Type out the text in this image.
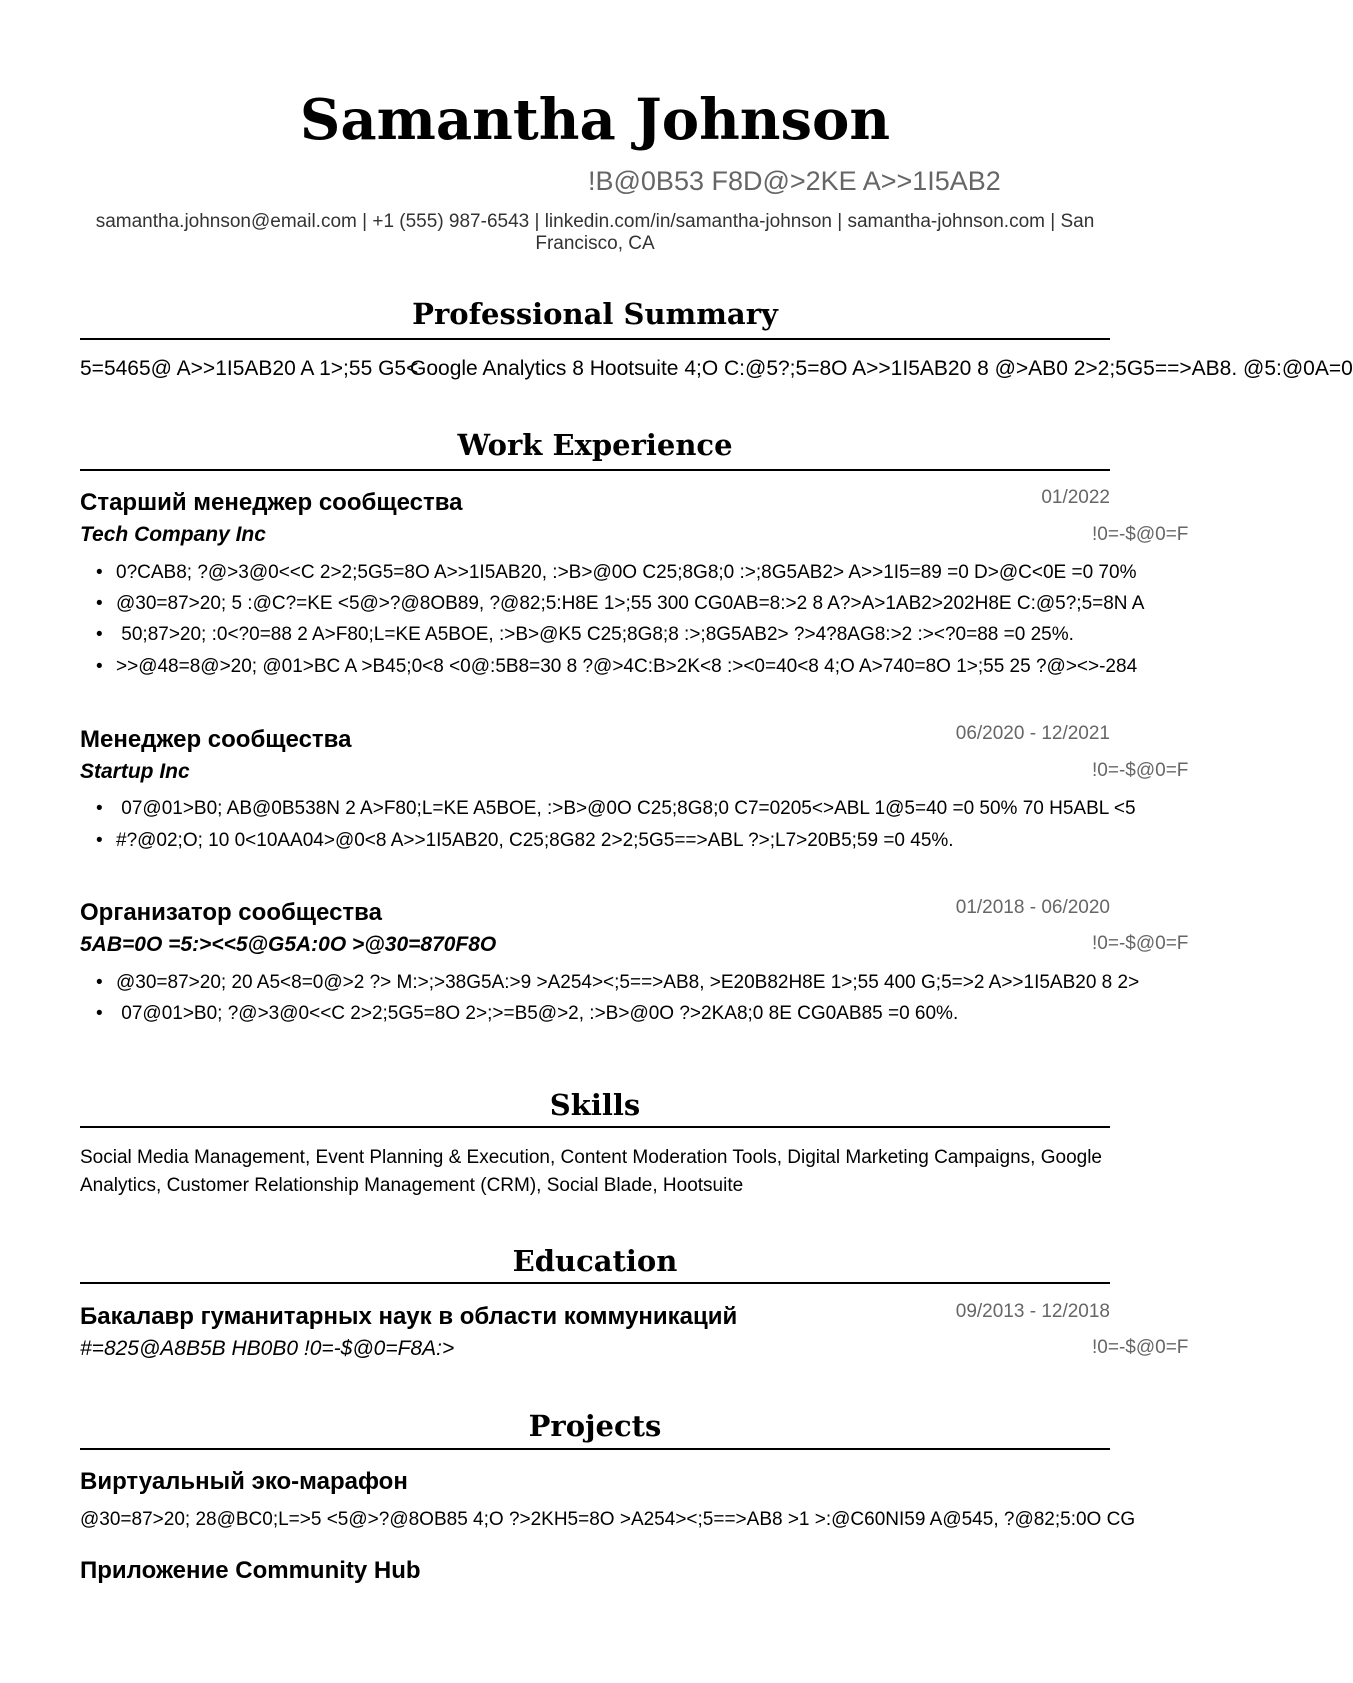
Samantha Johnson
!B@0B53 F8D@>2KE A>>1I5AB2
samantha.johnson@email.com | +1 (555) 987-6543 | linkedin.com/in/samantha-johnson | samantha-johnson.com | San Francisco, CA
Professional Summary
5=5465@ A>>1I5AB20 A 1>;55 G5<
Google Analytics 8 Hootsuite 4;O C:@5?;5=8O A>>1I5AB20 8 @>AB0 2>2;5G5==>AB8. @5:@0A=0
Work Experience
Старший менеджер сообщества	01/2022
Tech Company Inc	!0=-$@0=F
• 0?CAB8; ?@>3@0<<C 2>2;5G5=8O A>>1I5AB20, :>B>@0O C25;8G8;0 :>;8G5AB2> A>>1I5=89 =0 D>@C<0E =0 70%
• @30=87>20; 5 :@C?=KE <5@>?@8OB89, ?@82;5:H8E 1>;55 300 CG0AB=8:>2 8 A?>A>1AB2>202H8E C:@5?;5=8N A
• 50;87>20; :0<?0=88 2 A>F80;L=KE A5BOE, :>B>@K5 C25;8G8;8 :>;8G5AB2> ?>4?8AG8:>2 :><?0=88 =0 25%.
• >>@48=8@>20; @01>BC A >B45;0<8 <0@:5B8=30 8 ?@>4C:B>2K<8 :><0=40<8 4;O A>740=8O 1>;55 25 ?@><>-284
Менеджер сообщества	06/2020 - 12/2021
Startup Inc	!0=-$@0=F
• 07@01>B0; AB@0B538N 2 A>F80;L=KE A5BOE, :>B>@0O C25;8G8;0 C7=0205<>ABL 1@5=40 =0 50% 70 H5ABL <5
• #?@02;O; 10 0<10AA04>@0<8 A>>1I5AB20, C25;8G82 2>2;5G5==>ABL ?>;L7>20B5;59 =0 45%.
Организатор сообщества	01/2018 - 06/2020
5AB=0O =5:><<5@G5A:0O >@30=870F8O	!0=-$@0=F
• @30=87>20; 20 A5<8=0@>2 ?> M:>;>38G5A:>9 >A254><;5==>AB8, >E20B82H8E 1>;55 400 G;5=>2 A>>1I5AB20 8 2>
• 07@01>B0; ?@>3@0<<C 2>2;5G5=8O 2>;>=B5@>2, :>B>@0O ?>2KA8;0 8E CG0AB85 =0 60%.
Skills
Social Media Management, Event Planning & Execution, Content Moderation Tools, Digital Marketing Campaigns, Google Analytics, Customer Relationship Management (CRM), Social Blade, Hootsuite
Education
Бакалавр гуманитарных наук в области коммуникаций	09/2013 - 12/2018
#=825@A8B5B HB0B0 !0=-$@0=F8A:>	!0=-$@0=F
Projects
Виртуальный эко-марафон
@30=87>20; 28@BC0;L=>5 <5@>?@8OB85 4;O ?>2KH5=8O >A254><;5==>AB8 >1 >:@C60NI59 A@545, ?@82;5:0O CG
Приложение Community Hub
